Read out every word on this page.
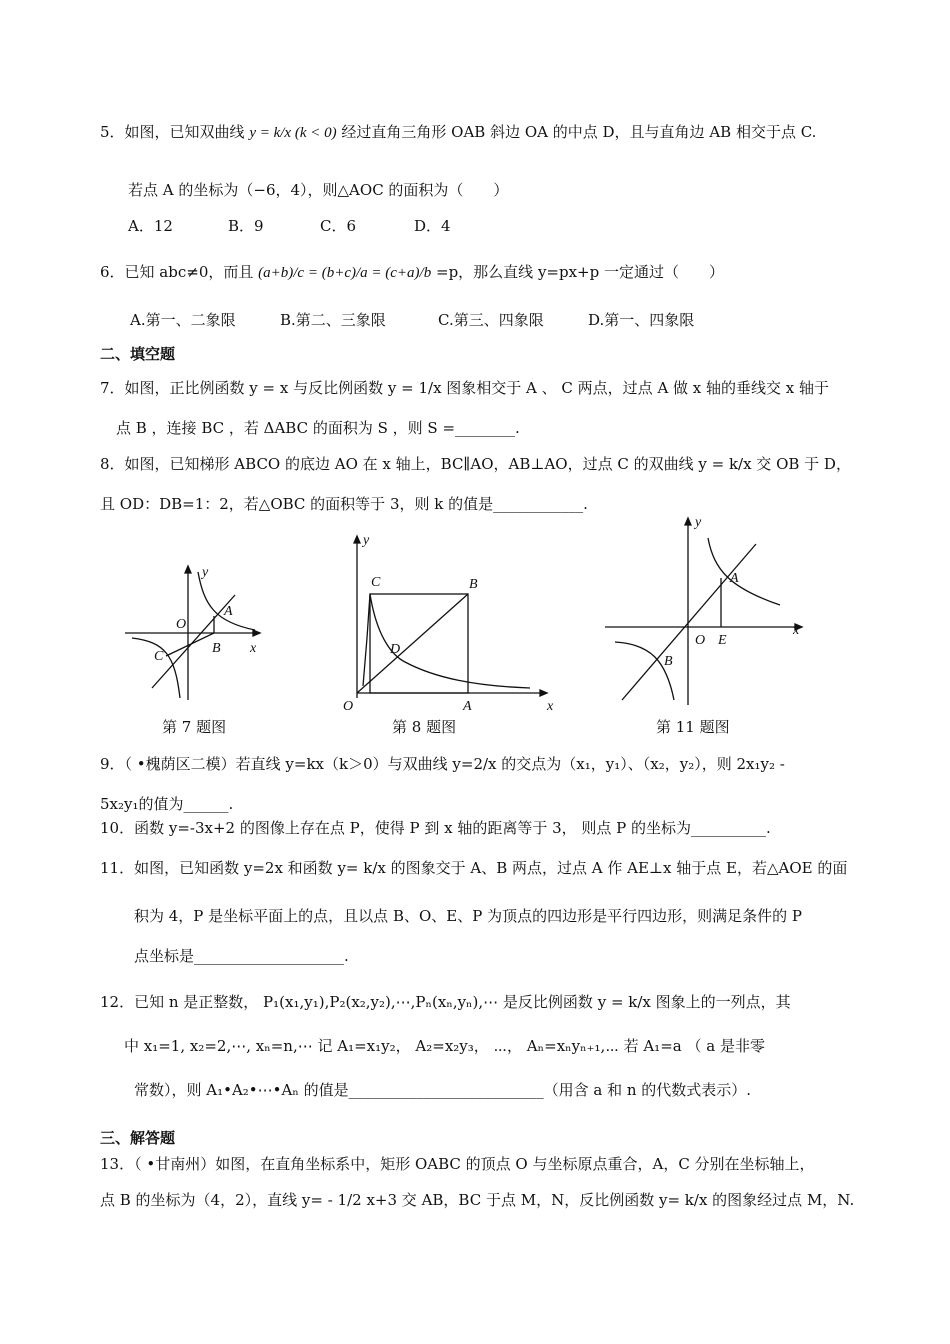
5．如图，已知双曲线 y = k/x (k < 0) 经过直角三角形 OAB 斜边 OA 的中点 D，且与直角边 AB 相交于点 C.
若点 A 的坐标为（−6，4），则△AOC 的面积为（　　）
A．12	B．9	C．6	D．4
6．已知 abc≠0，而且 (a+b)/c = (b+c)/a = (c+a)/b =p，那么直线 y=px+p 一定通过（　　）
A.第一、二象限	B.第二、三象限	C.第三、四象限	D.第一、四象限
二、填空题
7．如图，正比例函数 y = x 与反比例函数 y = 1/x 图象相交于 A 、 C 两点，过点 A 做 x 轴的垂线交 x 轴于
点 B ，连接 BC ，若 ΔABC 的面积为 S ，则 S =________.
8．如图，已知梯形 ABCO 的底边 AO 在 x 轴上，BC∥AO，AB⊥AO，过点 C 的双曲线 y = k/x 交 OB 于 D，
且 OD：DB=1：2，若△OBC 的面积等于 3，则 k 的值是____________.
y
A
O
B x
C
第 7 题图
y
C	B
D
O	A	x
第 8 题图
y
A
O E
x
B
第 11 题图
9．（ •槐荫区二模）若直线 y=kx（k＞0）与双曲线 y=2/x 的交点为（x₁，y₁）、（x₂，y₂），则 2x₁y₂ -
5x₂y₁的值为______.
10．函数 y=-3x+2 的图像上存在点 P，使得 P 到 x 轴的距离等于 3， 则点 P 的坐标为__________.
11．如图，已知函数 y=2x 和函数 y= k/x 的图象交于 A、B 两点，过点 A 作 AE⊥x 轴于点 E，若△AOE 的面
积为 4，P 是坐标平面上的点，且以点 B、O、E、P 为顶点的四边形是平行四边形，则满足条件的 P
点坐标是____________________.
12．已知 n 是正整数， P₁(x₁,y₁),P₂(x₂,y₂),⋯,Pₙ(xₙ,yₙ),⋯ 是反比例函数 y = k/x 图象上的一列点，其
中 x₁=1, x₂=2,⋯, xₙ=n,⋯ 记 A₁=x₁y₂， A₂=x₂y₃， ⋯， Aₙ=xₙyₙ₊₁,⋯ 若 A₁=a （ a 是非零
常数），则 A₁•A₂•⋯•Aₙ 的值是__________________________（用含 a 和 n 的代数式表示）.
三、解答题
13．（ •甘南州）如图，在直角坐标系中，矩形 OABC 的顶点 O 与坐标原点重合，A，C 分别在坐标轴上，
点 B 的坐标为（4，2），直线 y= - 1/2 x+3 交 AB，BC 于点 M，N，反比例函数 y= k/x 的图象经过点 M，N.
